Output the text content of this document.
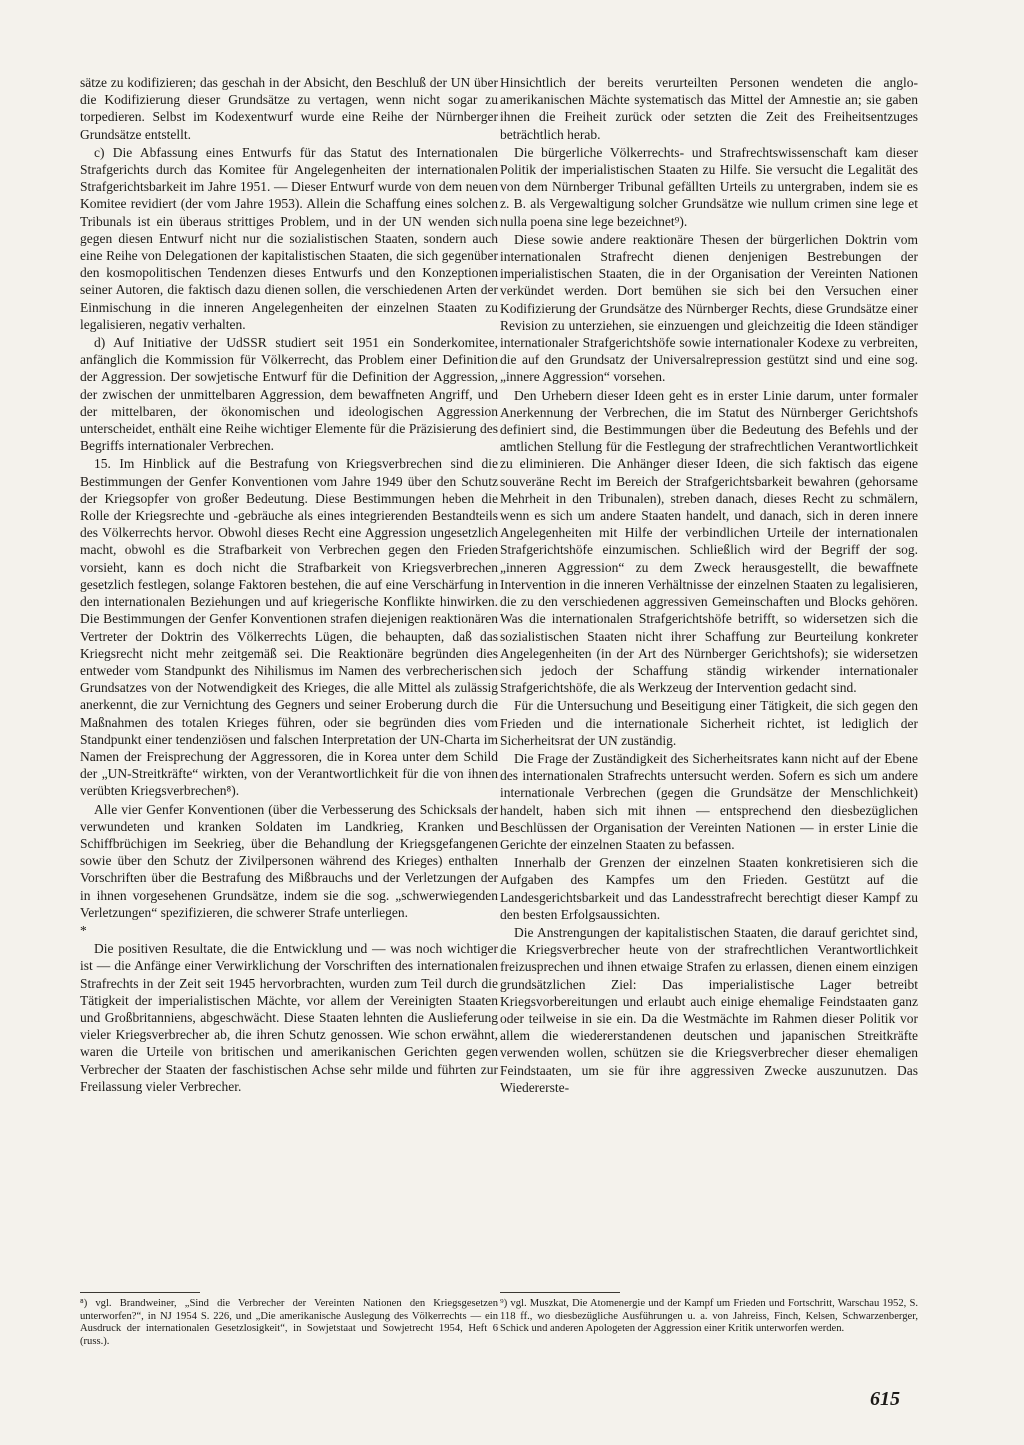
sätze zu kodifizieren; das geschah in der Absicht, den Beschluß der UN über die Kodifizierung dieser Grundsätze zu vertagen, wenn nicht sogar zu torpedieren. Selbst im Kodexentwurf wurde eine Reihe der Nürnberger Grundsätze entstellt.

c) Die Abfassung eines Entwurfs für das Statut des Internationalen Strafgerichts durch das Komitee für Angelegenheiten der internationalen Strafgerichtsbarkeit im Jahre 1951. — Dieser Entwurf wurde von dem neuen Komitee revidiert (der vom Jahre 1953). Allein die Schaffung eines solchen Tribunals ist ein überaus strittiges Problem, und in der UN wenden sich gegen diesen Entwurf nicht nur die sozialistischen Staaten, sondern auch eine Reihe von Delegationen der kapitalistischen Staaten, die sich gegenüber den kosmopolitischen Tendenzen dieses Entwurfs und den Konzeptionen seiner Autoren, die faktisch dazu dienen sollen, die verschiedenen Arten der Einmischung in die inneren Angelegenheiten der einzelnen Staaten zu legalisieren, negativ verhalten.

d) Auf Initiative der UdSSR studiert seit 1951 ein Sonderkomitee, anfänglich die Kommission für Völkerrecht, das Problem einer Definition der Aggression. Der sowjetische Entwurf für die Definition der Aggression, der zwischen der unmittelbaren Aggression, dem bewaffneten Angriff, und der mittelbaren, der ökonomischen und ideologischen Aggression unterscheidet, enthält eine Reihe wichtiger Elemente für die Präzisierung des Begriffs internationaler Verbrechen.

15. Im Hinblick auf die Bestrafung von Kriegsverbrechen sind die Bestimmungen der Genfer Konventionen vom Jahre 1949 über den Schutz der Kriegsopfer von großer Bedeutung. Diese Bestimmungen heben die Rolle der Kriegsrechte und -gebräuche als eines integrierenden Bestandteils des Völkerrechts hervor. Obwohl dieses Recht eine Aggression ungesetzlich macht, obwohl es die Strafbarkeit von Verbrechen gegen den Frieden vorsieht, kann es doch nicht die Strafbarkeit von Kriegsverbrechen gesetzlich festlegen, solange Faktoren bestehen, die auf eine Verschärfung in den internationalen Beziehungen und auf kriegerische Konflikte hinwirken. Die Bestimmungen der Genfer Konventionen strafen diejenigen reaktionären Vertreter der Doktrin des Völkerrechts Lügen, die behaupten, daß das Kriegsrecht nicht mehr zeitgemäß sei. Die Reaktionäre begründen dies entweder vom Standpunkt des Nihilismus im Namen des verbrecherischen Grundsatzes von der Notwendigkeit des Krieges, die alle Mittel als zulässig anerkennt, die zur Vernichtung des Gegners und seiner Eroberung durch die Maßnahmen des totalen Krieges führen, oder sie begründen dies vom Standpunkt einer tendenziösen und falschen Interpretation der UN-Charta im Namen der Freisprechung der Aggressoren, die in Korea unter dem Schild der „UN-Streitkräfte“ wirkten, von der Verantwortlichkeit für die von ihnen verübten Kriegsverbrechen⁸).

Alle vier Genfer Konventionen (über die Verbesserung des Schicksals der verwundeten und kranken Soldaten im Landkrieg, Kranken und Schiffbrüchigen im Seekrieg, über die Behandlung der Kriegsgefangenen sowie über den Schutz der Zivilpersonen während des Krieges) enthalten Vorschriften über die Bestrafung des Mißbrauchs und der Verletzungen der in ihnen vorgesehenen Grundsätze, indem sie die sog. „schwerwiegenden Verletzungen“ spezifizieren, die schwerer Strafe unterliegen.

*

Die positiven Resultate, die die Entwicklung und — was noch wichtiger ist — die Anfänge einer Verwirklichung der Vorschriften des internationalen Strafrechts in der Zeit seit 1945 hervorbrachten, wurden zum Teil durch die Tätigkeit der imperialistischen Mächte, vor allem der Vereinigten Staaten und Großbritanniens, abgeschwächt. Diese Staaten lehnten die Auslieferung vieler Kriegsverbrecher ab, die ihren Schutz genossen. Wie schon erwähnt, waren die Urteile von britischen und amerikanischen Gerichten gegen Verbrecher der Staaten der faschistischen Achse sehr milde und führten zur Freilassung vieler Verbrecher.

Hinsichtlich der bereits verurteilten Personen wendeten die anglo-amerikanischen Mächte systematisch das Mittel der Amnestie an; sie gaben ihnen die Freiheit zurück oder setzten die Zeit des Freiheitsentzuges beträchtlich herab.

Die bürgerliche Völkerrechts- und Strafrechtswissenschaft kam dieser Politik der imperialistischen Staaten zu Hilfe. Sie versucht die Legalität des von dem Nürnberger Tribunal gefällten Urteils zu untergraben, indem sie es z. B. als Vergewaltigung solcher Grundsätze wie nullum crimen sine lege et nulla poena sine lege bezeichnet⁹).

Diese sowie andere reaktionäre Thesen der bürgerlichen Doktrin vom internationalen Strafrecht dienen denjenigen Bestrebungen der imperialistischen Staaten, die in der Organisation der Vereinten Nationen verkündet werden. Dort bemühen sie sich bei den Versuchen einer Kodifizierung der Grundsätze des Nürnberger Rechts, diese Grundsätze einer Revision zu unterziehen, sie einzuengen und gleichzeitig die Ideen ständiger internationaler Strafgerichtshöfe sowie internationaler Kodexe zu verbreiten, die auf den Grundsatz der Universalrepression gestützt sind und eine sog. „innere Aggression“ vorsehen.

Den Urhebern dieser Ideen geht es in erster Linie darum, unter formaler Anerkennung der Verbrechen, die im Statut des Nürnberger Gerichtshofs definiert sind, die Bestimmungen über die Bedeutung des Befehls und der amtlichen Stellung für die Festlegung der strafrechtlichen Verantwortlichkeit zu eliminieren. Die Anhänger dieser Ideen, die sich faktisch das eigene souveräne Recht im Bereich der Strafgerichtsbarkeit bewahren (gehorsame Mehrheit in den Tribunalen), streben danach, dieses Recht zu schmälern, wenn es sich um andere Staaten handelt, und danach, sich in deren innere Angelegenheiten mit Hilfe der verbindlichen Urteile der internationalen Strafgerichtshöfe einzumischen. Schließlich wird der Begriff der sog. „inneren Aggression“ zu dem Zweck herausgestellt, die bewaffnete Intervention in die inneren Verhältnisse der einzelnen Staaten zu legalisieren, die zu den verschiedenen aggressiven Gemeinschaften und Blocks gehören. Was die internationalen Strafgerichtshöfe betrifft, so widersetzen sich die sozialistischen Staaten nicht ihrer Schaffung zur Beurteilung konkreter Angelegenheiten (in der Art des Nürnberger Gerichtshofs); sie widersetzen sich jedoch der Schaffung ständig wirkender internationaler Strafgerichtshöfe, die als Werkzeug der Intervention gedacht sind.

Für die Untersuchung und Beseitigung einer Tätigkeit, die sich gegen den Frieden und die internationale Sicherheit richtet, ist lediglich der Sicherheitsrat der UN zuständig.

Die Frage der Zuständigkeit des Sicherheitsrates kann nicht auf der Ebene des internationalen Strafrechts untersucht werden. Sofern es sich um andere internationale Verbrechen (gegen die Grundsätze der Menschlichkeit) handelt, haben sich mit ihnen — entsprechend den diesbezüglichen Beschlüssen der Organisation der Vereinten Nationen — in erster Linie die Gerichte der einzelnen Staaten zu befassen.

Innerhalb der Grenzen der einzelnen Staaten konkretisieren sich die Aufgaben des Kampfes um den Frieden. Gestützt auf die Landesgerichtsbarkeit und das Landesstrafrecht berechtigt dieser Kampf zu den besten Erfolgsaussichten.

Die Anstrengungen der kapitalistischen Staaten, die darauf gerichtet sind, die Kriegsverbrecher heute von der strafrechtlichen Verantwortlichkeit freizusprechen und ihnen etwaige Strafen zu erlassen, dienen einem einzigen grundsätzlichen Ziel: Das imperialistische Lager betreibt Kriegsvorbereitungen und erlaubt auch einige ehemalige Feindstaaten ganz oder teilweise in sie ein. Da die Westmächte im Rahmen dieser Politik vor allem die wiedererstandenen deutschen und japanischen Streitkräfte verwenden wollen, schützen sie die Kriegsverbrecher dieser ehemaligen Feindstaaten, um sie für ihre aggressiven Zwecke auszunutzen. Das Wiedererste-

⁸) vgl. Brandweiner, „Sind die Verbrecher der Vereinten Nationen den Kriegsgesetzen unterworfen?“, in NJ 1954 S. 226, und „Die amerikanische Auslegung des Völkerrechts — ein Ausdruck der internationalen Gesetzlosigkeit“, in Sowjetstaat und Sowjetrecht 1954, Heft 6 (russ.).

⁹) vgl. Muszkat, Die Atomenergie und der Kampf um Frieden und Fortschritt, Warschau 1952, S. 118 ff., wo diesbezügliche Ausführungen u. a. von Jahreiss, Finch, Kelsen, Schwarzenberger, Schick und anderen Apologeten der Aggression einer Kritik unterworfen werden.

615
